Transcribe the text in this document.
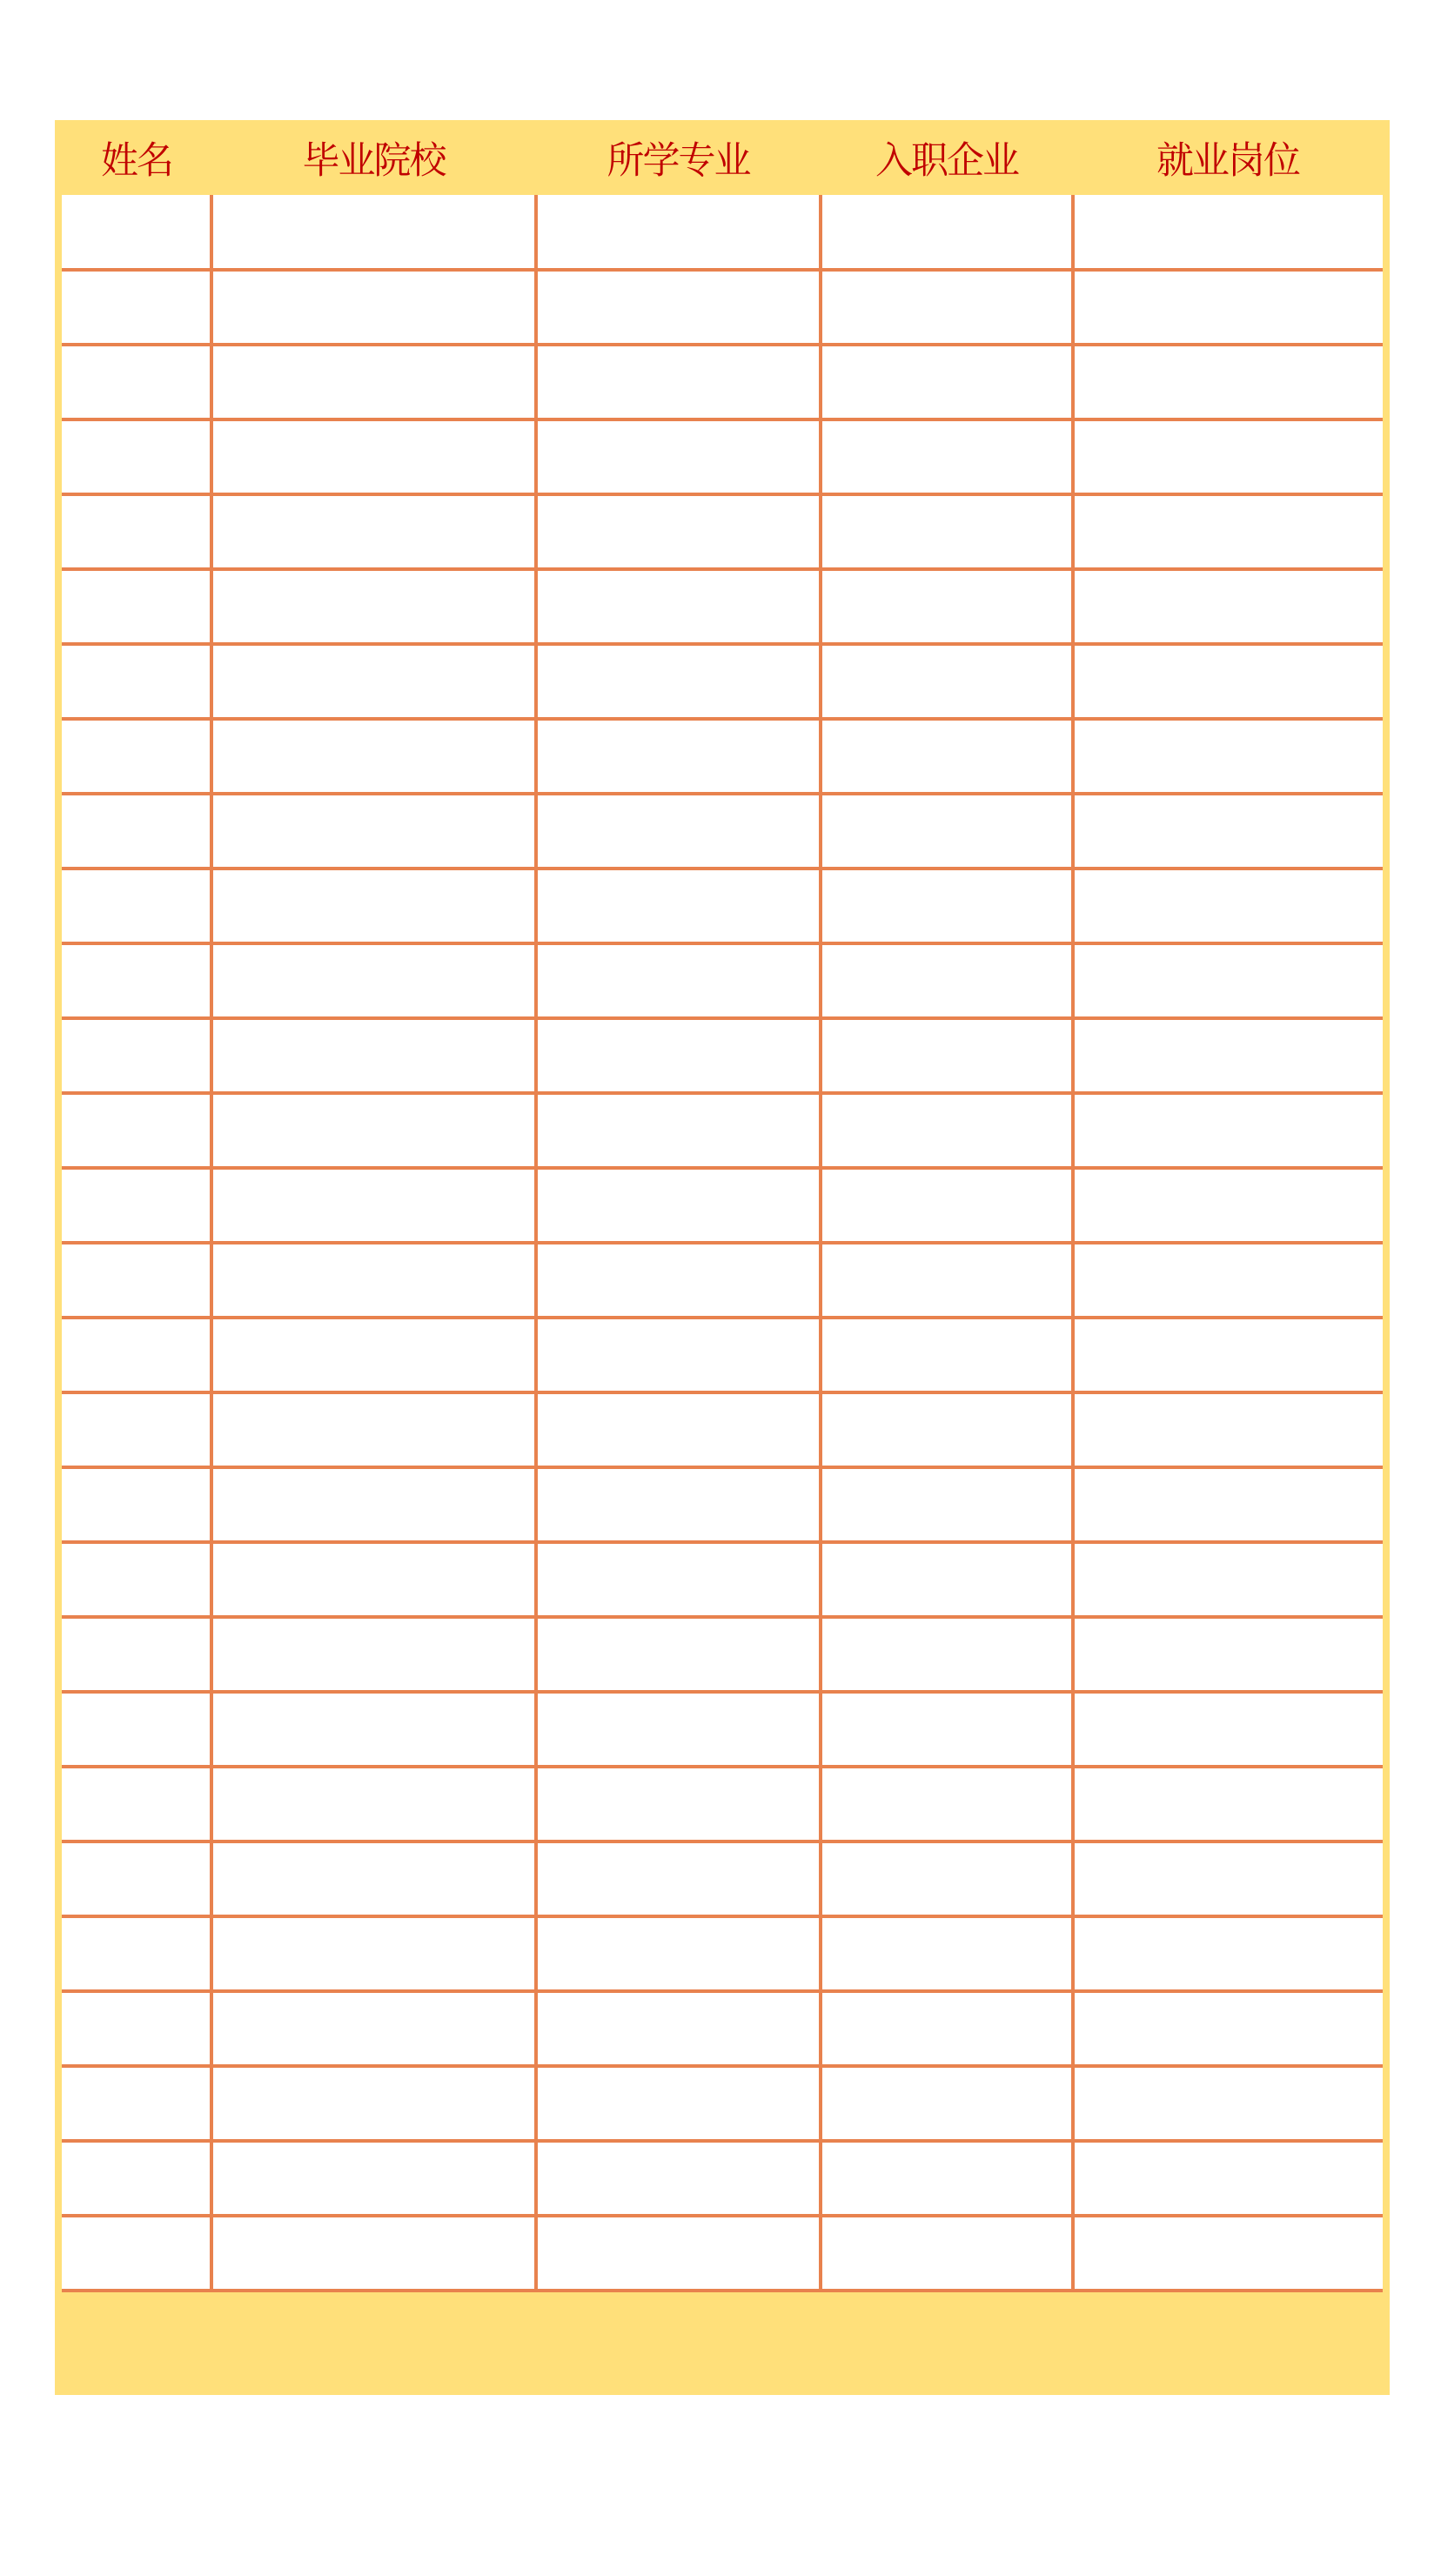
姓名	毕业院校	所学专业	入职企业	就业岗位
